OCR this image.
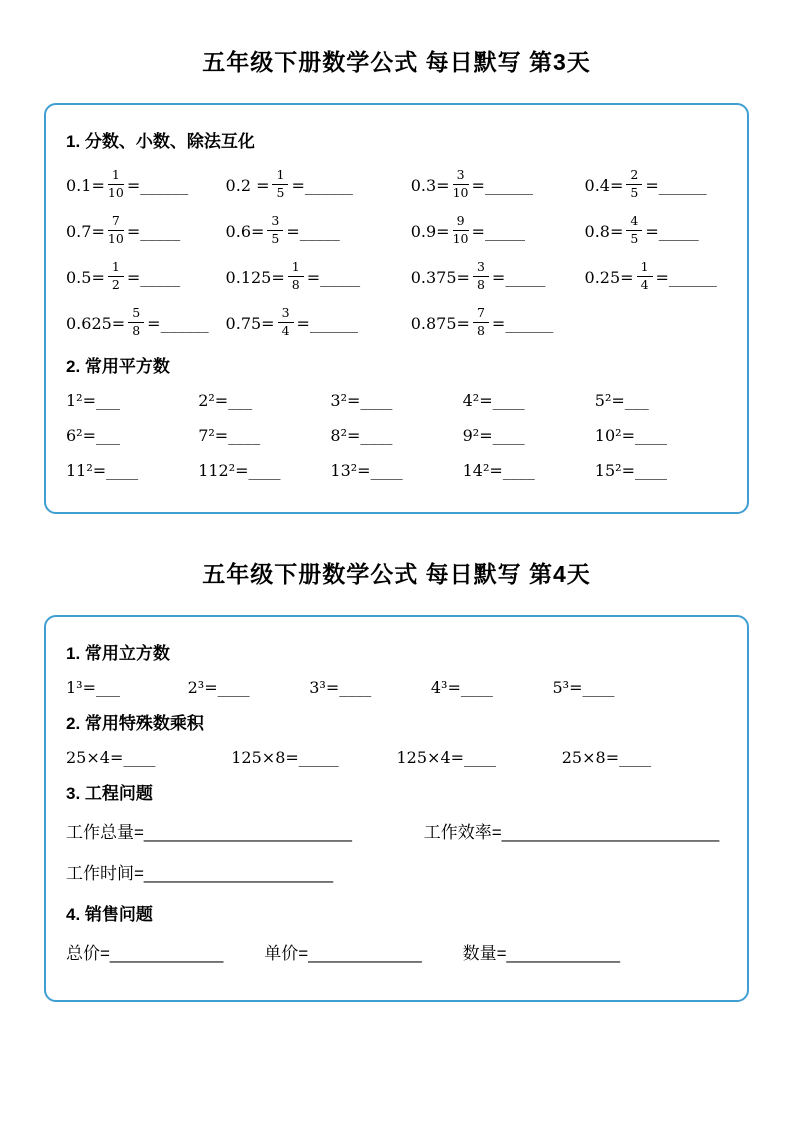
五年级下册数学公式 每日默写 第3天
1. 分数、小数、除法互化
$0.1= \frac{1}{10}$ =______ $0.2 = \frac{1}{5}$ =______	$0.3= \frac{3}{10}$ =______	$0.4= \frac{2}{5}$ =______
$0.7= \frac{7}{10}$ =_____	$0.6= \frac{3}{5}$ =_____	$0.9= \frac{9}{10}$ =_____	$0.8= \frac{4}{5}$ =_____
$0.5= \frac{1}{2}$ =_____	$0.125= \frac{1}{8}$ =_____	$0.375= \frac{3}{8}$ =_____ $0.25= \frac{1}{4}$ =______
$0.625= \frac{5}{8}$ =______ $0.75= \frac{3}{4}$ =______	$0.875= \frac{7}{8}$ =______
2. 常用平方数
1²=___	2²=___	3²=____	4²=____	5²=___
6²=___	7²=____	8²=____	9²=____	10²=____
11²=____	112²=____	13²=____	14²=____	15²=____
五年级下册数学公式 每日默写 第4天
1. 常用立方数
1³=___	2³=____	3³=____	4³=____	5³=____
2. 常用特殊数乘积
25×4=____	125×8=_____	125×4=____	25×8=____
3. 工程问题
工作总量=______________________	工作效率=_______________________
工作时间=____________________
4. 销售问题
总价=____________	单价=____________	数量=____________
